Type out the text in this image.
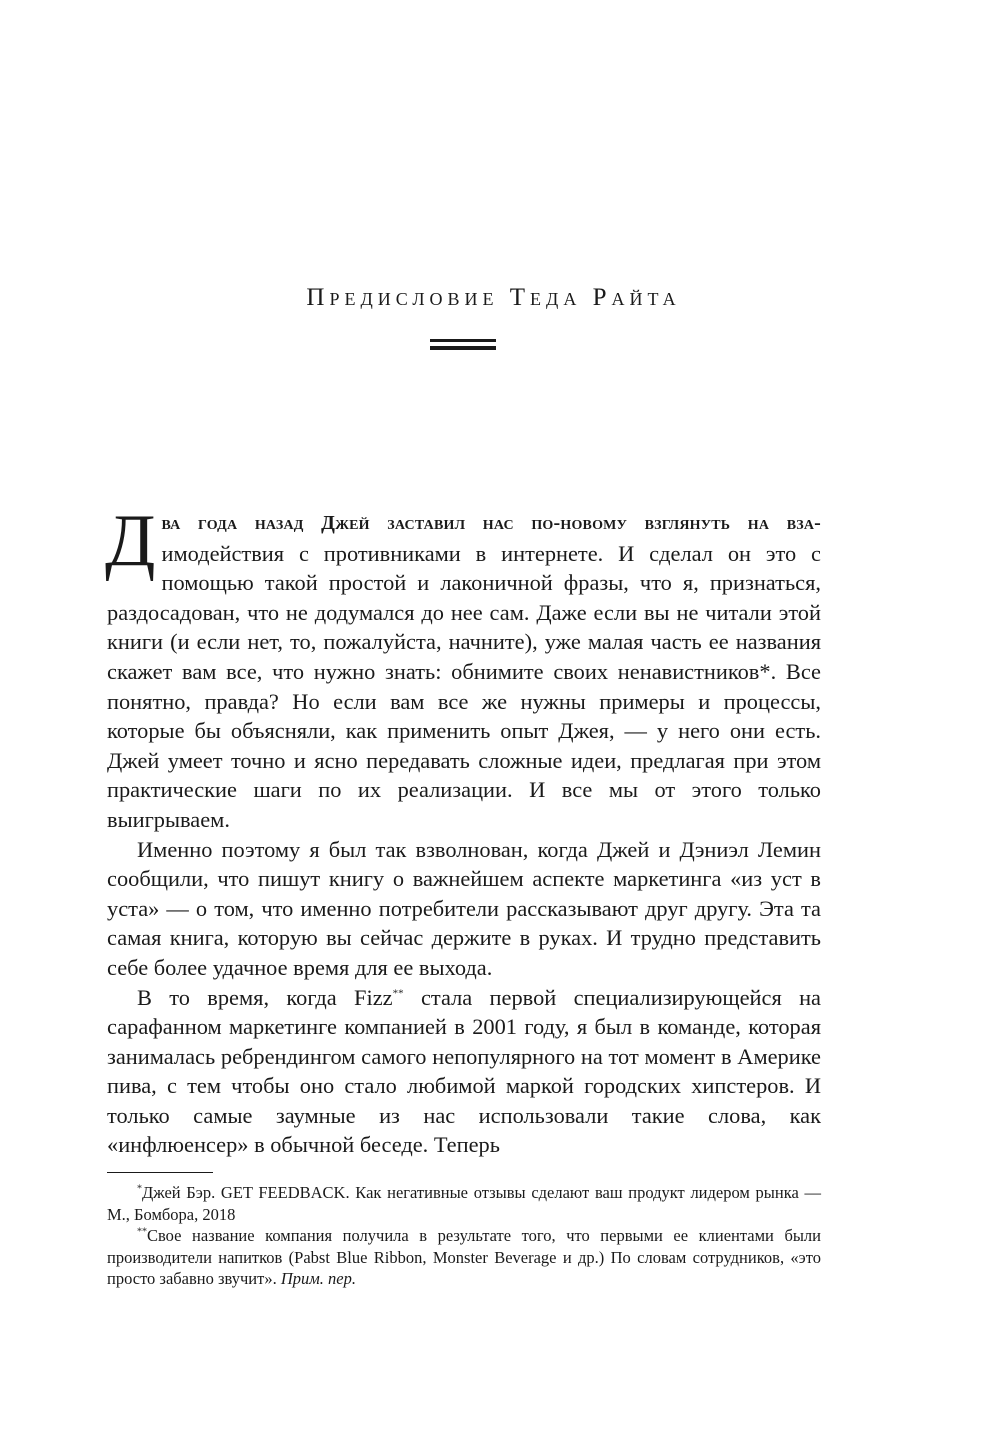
Предисловие Теда Райта

Два года назад Джей заставил нас по-новому взглянуть на вза-имодействия с противниками в интернете. И сделал он это с помощью такой простой и лаконичной фразы, что я, признаться, раздосадован, что не додумался до нее сам. Даже если вы не читали этой книги (и если нет, то, пожалуйста, начните), уже малая часть ее названия скажет вам все, что нужно знать: обнимите своих ненавистников*. Все понятно, правда? Но если вам все же нужны примеры и процессы, которые бы объясняли, как применить опыт Джея, — у него они есть. Джей умеет точно и ясно передавать сложные идеи, предлагая при этом практические шаги по их реализации. И все мы от этого только выигрываем.

Именно поэтому я был так взволнован, когда Джей и Дэниэл Лемин сообщили, что пишут книгу о важнейшем аспекте маркетинга «из уст в уста» — о том, что именно потребители рассказывают друг другу. Эта та самая книга, которую вы сейчас держите в руках. И трудно представить себе более удачное время для ее выхода.

В то время, когда Fizz** стала первой специализирующейся на сарафанном маркетинге компанией в 2001 году, я был в команде, которая занималась ребрендингом самого непопулярного на тот момент в Америке пива, с тем чтобы оно стало любимой маркой городских хипстеров. И только самые заумные из нас использовали такие слова, как «инфлюенсер» в обычной беседе. Теперь

*Джей Бэр. GET FEEDBACK. Как негативные отзывы сделают ваш продукт лидером рынка — М., Бомбора, 2018

**Свое название компания получила в результате того, что первыми ее клиентами были производители напитков (Pabst Blue Ribbon, Monster Beverage и др.) По словам сотрудников, «это просто забавно звучит». Прим. пер.
